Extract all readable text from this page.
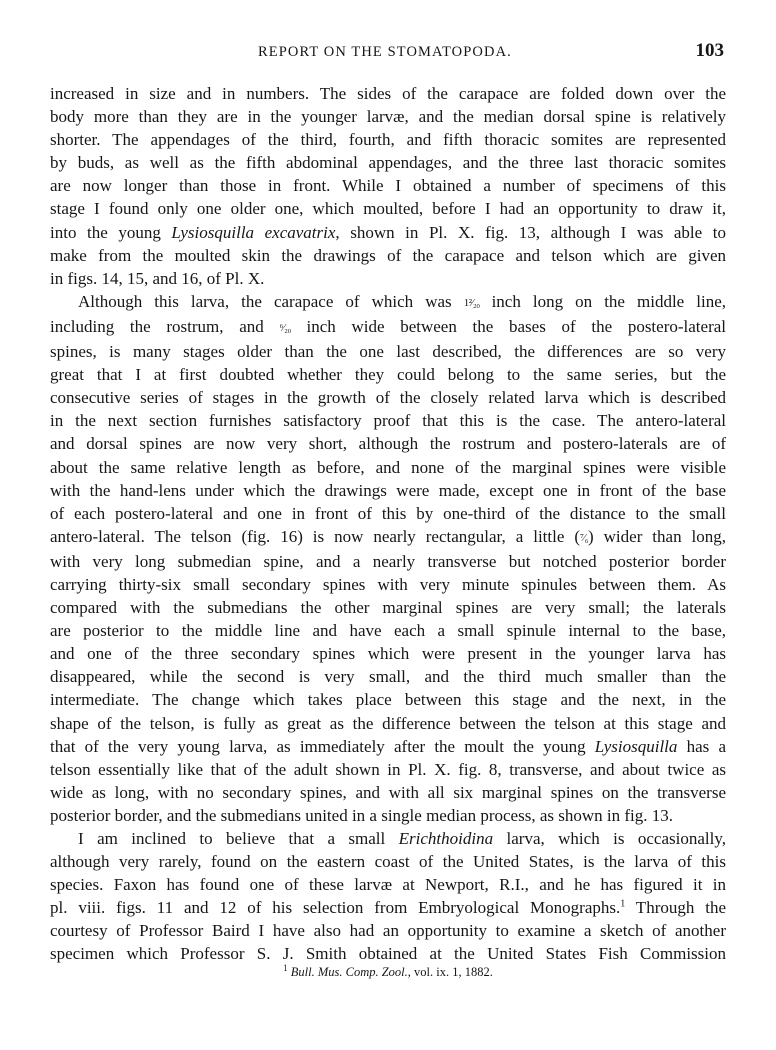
REPORT ON THE STOMATOPODA.	103
increased in size and in numbers. The sides of the carapace are folded down over the
body more than they are in the younger larvæ, and the median dorsal spine is relatively
shorter. The appendages of the third, fourth, and fifth thoracic somites are represented
by buds, as well as the fifth abdominal appendages, and the three last thoracic somites
are now longer than those in front. While I obtained a number of specimens of this
stage I found only one older one, which moulted, before I had an opportunity to draw it,
into the young Lysiosquilla excavatrix, shown in Pl. X. fig. 13, although I was able to
make from the moulted skin the drawings of the carapace and telson which are given
in figs. 14, 15, and 16, of Pl. X.
Although this larva, the carapace of which was 1²⁄₂₀ inch long on the middle line,
including the rostrum, and ⁶⁄₂₀ inch wide between the bases of the postero-lateral
spines, is many stages older than the one last described, the differences are so very
great that I at first doubted whether they could belong to the same series, but the
consecutive series of stages in the growth of the closely related larva which is described
in the next section furnishes satisfactory proof that this is the case. The antero-lateral
and dorsal spines are now very short, although the rostrum and postero-laterals are of
about the same relative length as before, and none of the marginal spines were visible
with the hand-lens under which the drawings were made, except one in front of the base
of each postero-lateral and one in front of this by one-third of the distance to the small
antero-lateral. The telson (fig. 16) is now nearly rectangular, a little (⁷⁄₆) wider than long,
with very long submedian spine, and a nearly transverse but notched posterior border
carrying thirty-six small secondary spines with very minute spinules between them. As
compared with the submedians the other marginal spines are very small; the laterals
are posterior to the middle line and have each a small spinule internal to the base,
and one of the three secondary spines which were present in the younger larva has
disappeared, while the second is very small, and the third much smaller than the
intermediate. The change which takes place between this stage and the next, in the
shape of the telson, is fully as great as the difference between the telson at this stage and
that of the very young larva, as immediately after the moult the young Lysiosquilla has a
telson essentially like that of the adult shown in Pl. X. fig. 8, transverse, and about twice as
wide as long, with no secondary spines, and with all six marginal spines on the transverse
posterior border, and the submedians united in a single median process, as shown in fig. 13.
I am inclined to believe that a small Erichthoidina larva, which is occasionally,
although very rarely, found on the eastern coast of the United States, is the larva of this
species. Faxon has found one of these larvæ at Newport, R.I., and he has figured it in
pl. viii. figs. 11 and 12 of his selection from Embryological Monographs.$^1$ Through the
courtesy of Professor Baird I have also had an opportunity to examine a sketch of another
specimen which Professor S. J. Smith obtained at the United States Fish Commission
$^1$ Bull. Mus. Comp. Zool., vol. ix. 1, 1882.
